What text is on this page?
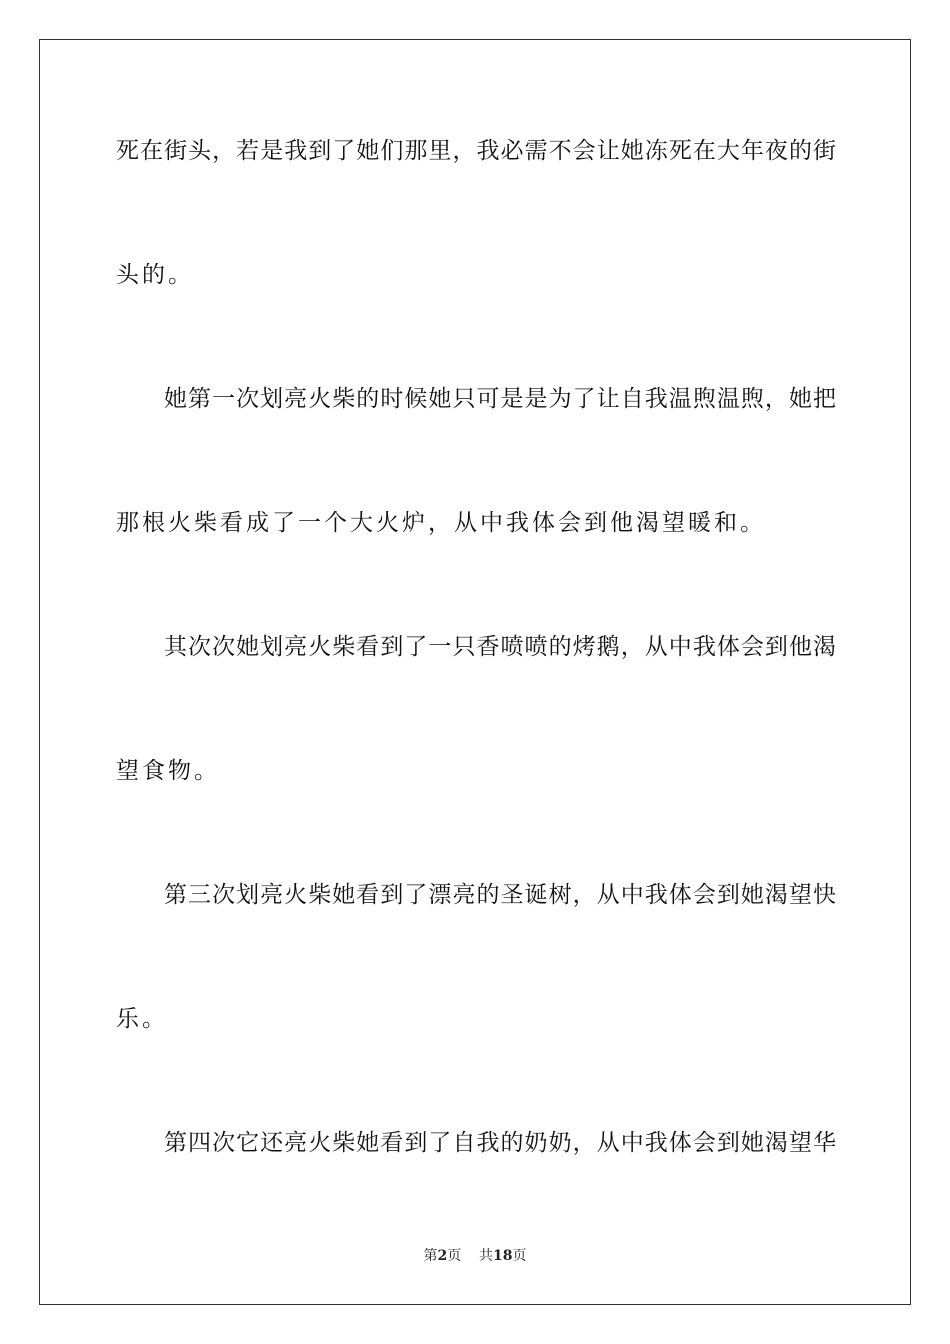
死在街头，若是我到了她们那里，我必需不会让她冻死在大年夜的街
头的。
她第一次划亮火柴的时候她只可是是为了让自我温煦温煦，她把
那根火柴看成了一个大火炉，从中我体会到他渴望暖和。
其次次她划亮火柴看到了一只香喷喷的烤鹅，从中我体会到他渴
望食物。
第三次划亮火柴她看到了漂亮的圣诞树，从中我体会到她渴望快
乐。
第四次它还亮火柴她看到了自我的奶奶，从中我体会到她渴望华
第2页 共18页
